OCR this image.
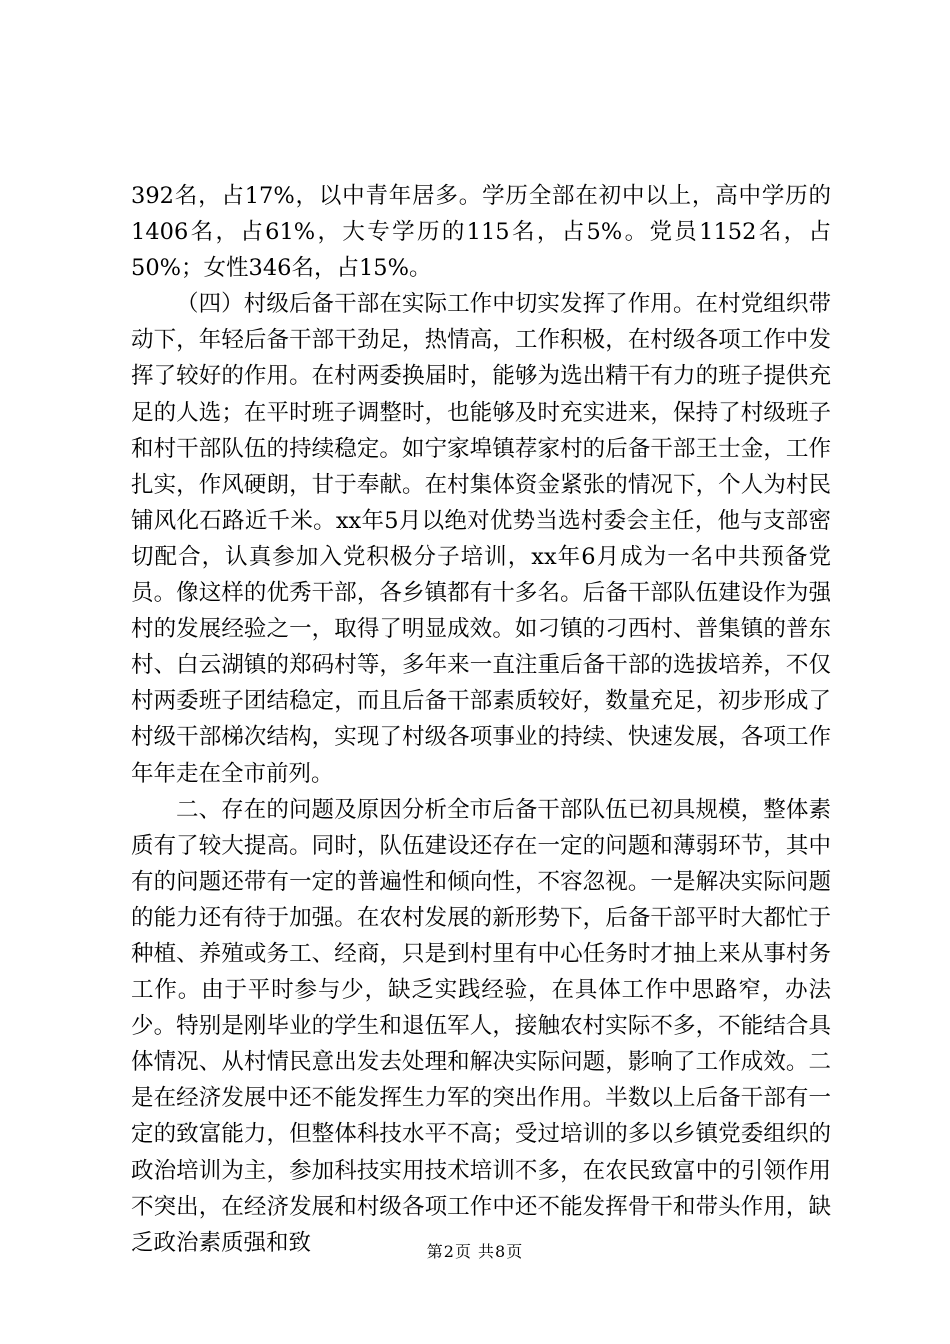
392名，占17%，以中青年居多。学历全部在初中以上，高中学历的1406名，占61%，大专学历的115名，占5%。党员1152名，占50%；女性346名，占15%。

（四）村级后备干部在实际工作中切实发挥了作用。在村党组织带动下，年轻后备干部干劲足，热情高，工作积极，在村级各项工作中发挥了较好的作用。在村两委换届时，能够为选出精干有力的班子提供充足的人选；在平时班子调整时，也能够及时充实进来，保持了村级班子和村干部队伍的持续稳定。如宁家埠镇荐家村的后备干部王士金，工作扎实，作风硬朗，甘于奉献。在村集体资金紧张的情况下，个人为村民铺风化石路近千米。xx年5月以绝对优势当选村委会主任，他与支部密切配合，认真参加入党积极分子培训，xx年6月成为一名中共预备党员。像这样的优秀干部，各乡镇都有十多名。后备干部队伍建设作为强村的发展经验之一，取得了明显成效。如刁镇的刁西村、普集镇的普东村、白云湖镇的郑码村等，多年来一直注重后备干部的选拔培养，不仅村两委班子团结稳定，而且后备干部素质较好，数量充足，初步形成了村级干部梯次结构，实现了村级各项事业的持续、快速发展，各项工作年年走在全市前列。

二、存在的问题及原因分析全市后备干部队伍已初具规模，整体素质有了较大提高。同时，队伍建设还存在一定的问题和薄弱环节，其中有的问题还带有一定的普遍性和倾向性，不容忽视。一是解决实际问题的能力还有待于加强。在农村发展的新形势下，后备干部平时大都忙于种植、养殖或务工、经商，只是到村里有中心任务时才抽上来从事村务工作。由于平时参与少，缺乏实践经验，在具体工作中思路窄，办法少。特别是刚毕业的学生和退伍军人，接触农村实际不多，不能结合具体情况、从村情民意出发去处理和解决实际问题，影响了工作成效。二是在经济发展中还不能发挥生力军的突出作用。半数以上后备干部有一定的致富能力，但整体科技水平不高；受过培训的多以乡镇党委组织的政治培训为主，参加科技实用技术培训不多，在农民致富中的引领作用不突出，在经济发展和村级各项工作中还不能发挥骨干和带头作用，缺乏政治素质强和致	第2页 共8页
